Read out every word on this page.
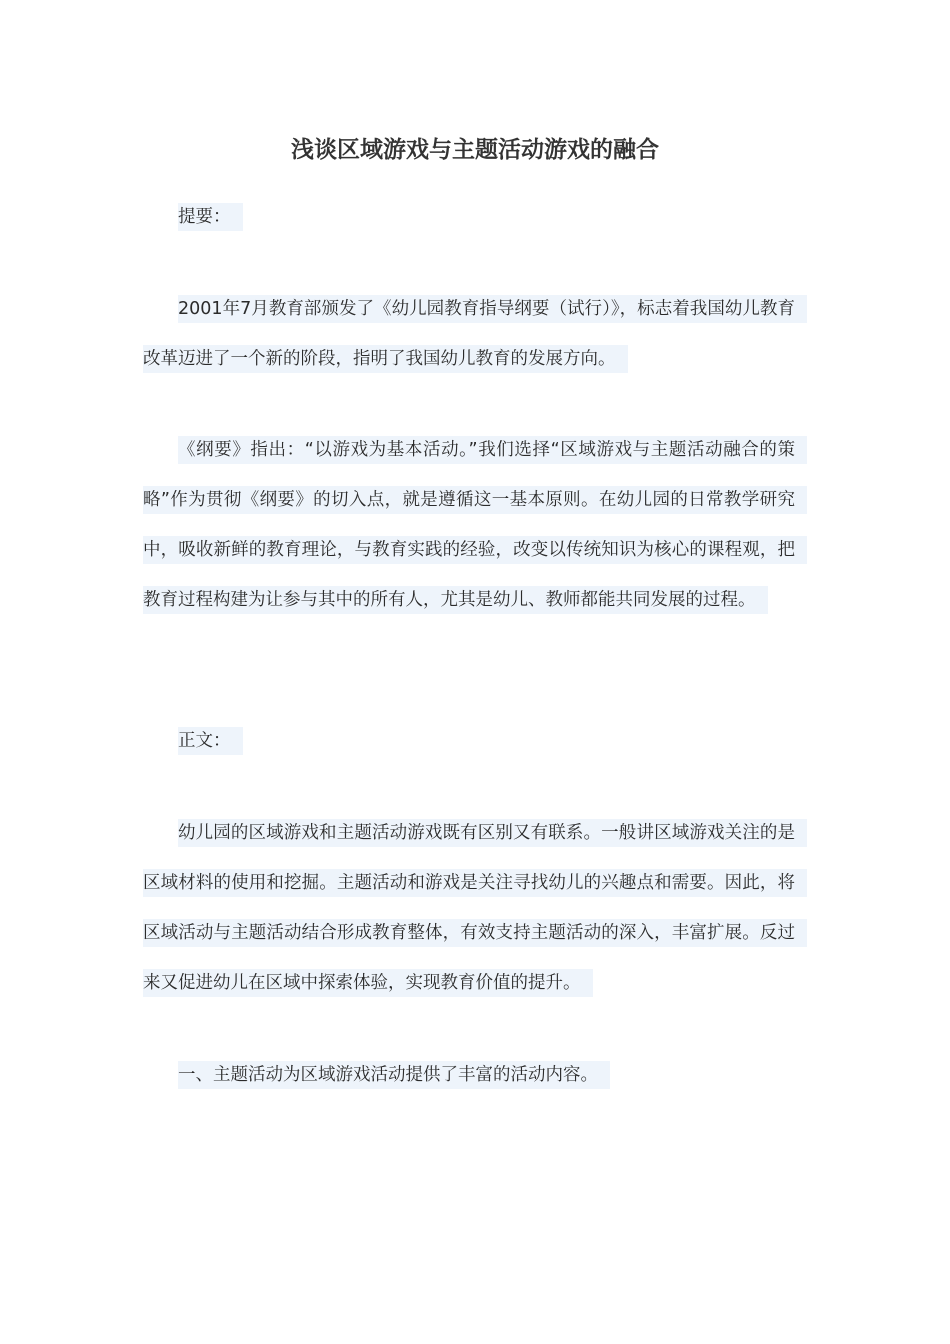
浅谈区域游戏与主题活动游戏的融合

提要：

2001年7月教育部颁发了《幼儿园教育指导纲要（试行）》，标志着我国幼儿教育改革迈进了一个新的阶段，指明了我国幼儿教育的发展方向。

《纲要》指出：“以游戏为基本活动。”我们选择“区域游戏与主题活动融合的策略”作为贯彻《纲要》的切入点，就是遵循这一基本原则。在幼儿园的日常教学研究中，吸收新鲜的教育理论，与教育实践的经验，改变以传统知识为核心的课程观，把教育过程构建为让参与其中的所有人，尤其是幼儿、教师都能共同发展的过程。

正文：

幼儿园的区域游戏和主题活动游戏既有区别又有联系。一般讲区域游戏关注的是区域材料的使用和挖掘。主题活动和游戏是关注寻找幼儿的兴趣点和需要。因此，将区域活动与主题活动结合形成教育整体，有效支持主题活动的深入，丰富扩展。反过来又促进幼儿在区域中探索体验，实现教育价值的提升。

一、主题活动为区域游戏活动提供了丰富的活动内容。
